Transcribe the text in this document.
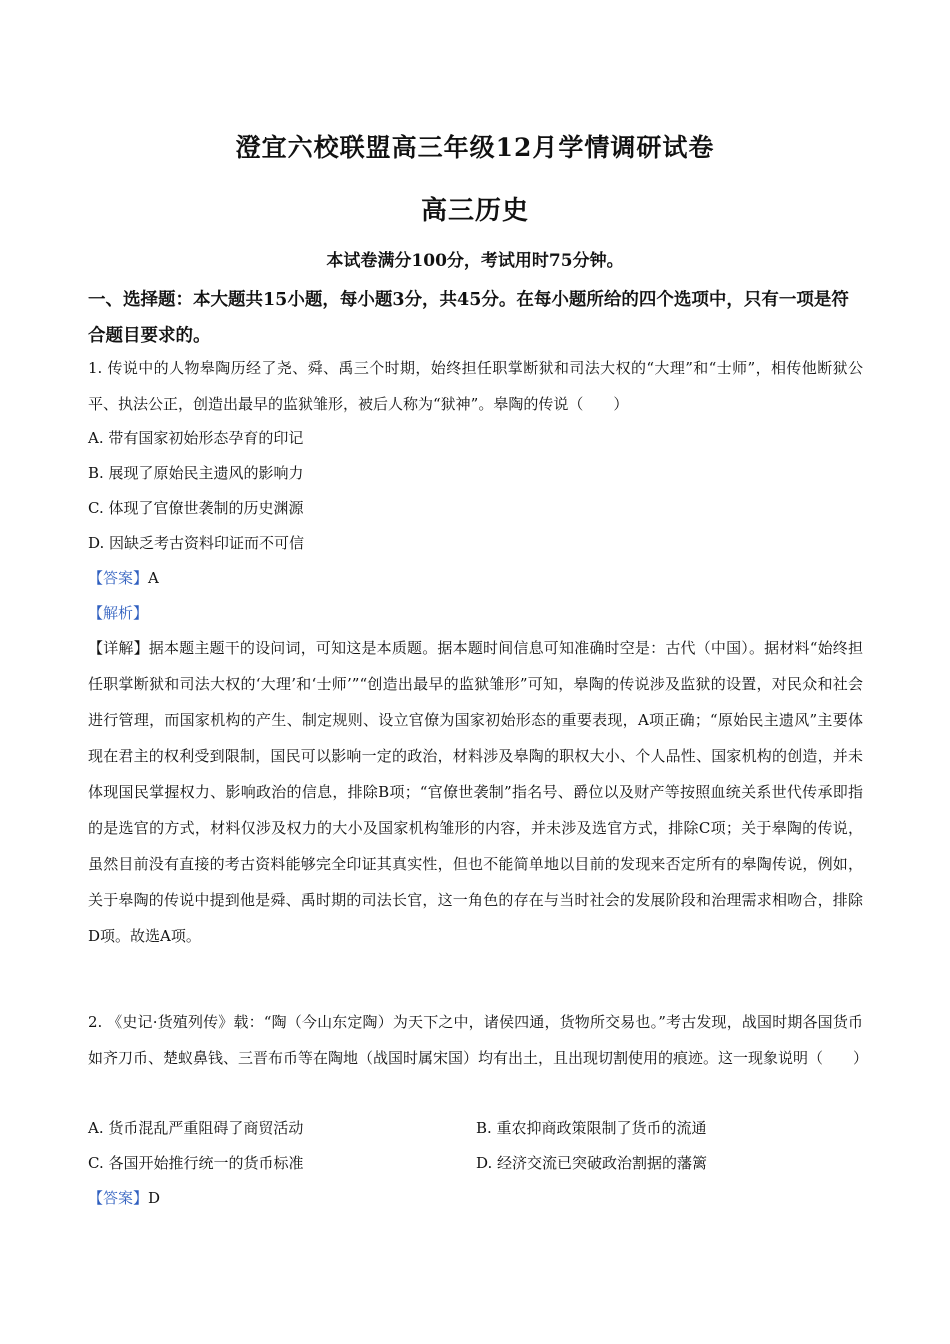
澄宜六校联盟高三年级12月学情调研试卷
高三历史
本试卷满分100分，考试用时75分钟。
一、选择题：本大题共15小题，每小题3分，共45分。在每小题所给的四个选项中，只有一项是符合题目要求的。
1. 传说中的人物皋陶历经了尧、舜、禹三个时期，始终担任职掌断狱和司法大权的“大理”和“士师”，相传他断狱公平、执法公正，创造出最早的监狱雏形，被后人称为“狱神”。皋陶的传说（　　）
A. 带有国家初始形态孕育的印记
B. 展现了原始民主遗风的影响力
C. 体现了官僚世袭制的历史渊源
D. 因缺乏考古资料印证而不可信
【答案】A
【解析】
【详解】据本题主题干的设问词，可知这是本质题。据本题时间信息可知准确时空是：古代（中国）。据材料“始终担任职掌断狱和司法大权的‘大理’和‘士师’”“创造出最早的监狱雏形”可知，皋陶的传说涉及监狱的设置，对民众和社会进行管理，而国家机构的产生、制定规则、设立官僚为国家初始形态的重要表现，A项正确；“原始民主遗风”主要体现在君主的权利受到限制，国民可以影响一定的政治，材料涉及皋陶的职权大小、个人品性、国家机构的创造，并未体现国民掌握权力、影响政治的信息，排除B项；“官僚世袭制”指名号、爵位以及财产等按照血统关系世代传承即指的是选官的方式，材料仅涉及权力的大小及国家机构雏形的内容，并未涉及选官方式，排除C项；关于皋陶的传说，虽然目前没有直接的考古资料能够完全印证其真实性，但也不能简单地以目前的发现来否定所有的皋陶传说，例如，关于皋陶的传说中提到他是舜、禹时期的司法长官，这一角色的存在与当时社会的发展阶段和治理需求相吻合，排除D项。故选A项。
2. 《史记·货殖列传》载：“陶（今山东定陶）为天下之中，诸侯四通，货物所交易也。”考古发现，战国时期各国货币如齐刀币、楚蚁鼻钱、三晋布币等在陶地（战国时属宋国）均有出土，且出现切割使用的痕迹。这一现象说明（　　）
A. 货币混乱严重阻碍了商贸活动	B. 重农抑商政策限制了货币的流通
C. 各国开始推行统一的货币标准	D. 经济交流已突破政治割据的藩篱
【答案】D
